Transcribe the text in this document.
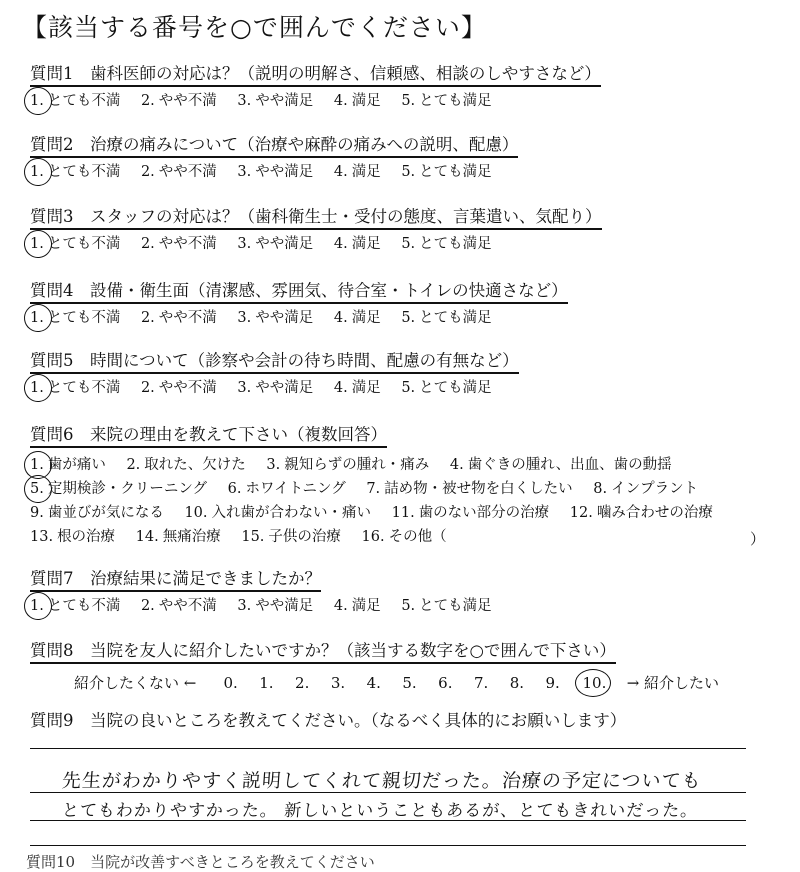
【該当する番号を○で囲んでください】
質問1　歯科医師の対応は？（説明の明解さ、信頼感、相談のしやすさなど）
1. とても不満 2. やや不満 3. やや満足 4. 満足 5. とても満足
質問2　治療の痛みについて（治療や麻酔の痛みへの説明、配慮）
1. とても不満 2. やや不満 3. やや満足 4. 満足 5. とても満足
質問3　スタッフの対応は？（歯科衛生士・受付の態度、言葉遣い、気配り）
1. とても不満 2. やや不満 3. やや満足 4. 満足 5. とても満足
質問4　設備・衛生面（清潔感、雰囲気、待合室・トイレの快適さなど）
1. とても不満 2. やや不満 3. やや満足 4. 満足 5. とても満足
質問5　時間について（診察や会計の待ち時間、配慮の有無など）
1. とても不満 2. やや不満 3. やや満足 4. 満足 5. とても満足
質問6　来院の理由を教えて下さい（複数回答）
1. 歯が痛い 2. 取れた、欠けた 3. 親知らずの腫れ・痛み 4. 歯ぐきの腫れ、出血、歯の動揺
5. 定期検診・クリーニング 6. ホワイトニング 7. 詰め物・被せ物を白くしたい 8. インプラント
9. 歯並びが気になる 10. 入れ歯が合わない・痛い 11. 歯のない部分の治療 12. 噛み合わせの治療
13. 根の治療 14. 無痛治療 15. 子供の治療 16. その他（	）
質問7　治療結果に満足できましたか？
1. とても不満 2. やや不満 3. やや満足 4. 満足 5. とても満足
質問8　当院を友人に紹介したいですか？（該当する数字を○で囲んで下さい）
紹介したくない ← 0. 1. 2. 3. 4. 5. 6. 7. 8. 9. 10. → 紹介したい
質問9　当院の良いところを教えてください。（なるべく具体的にお願いします）
先生がわかりやすく説明してくれて親切だった。治療の予定についても
とてもわかりやすかった。 新しいということもあるが、とてもきれいだった。
質問10　当院が改善すべきところを教えてください
